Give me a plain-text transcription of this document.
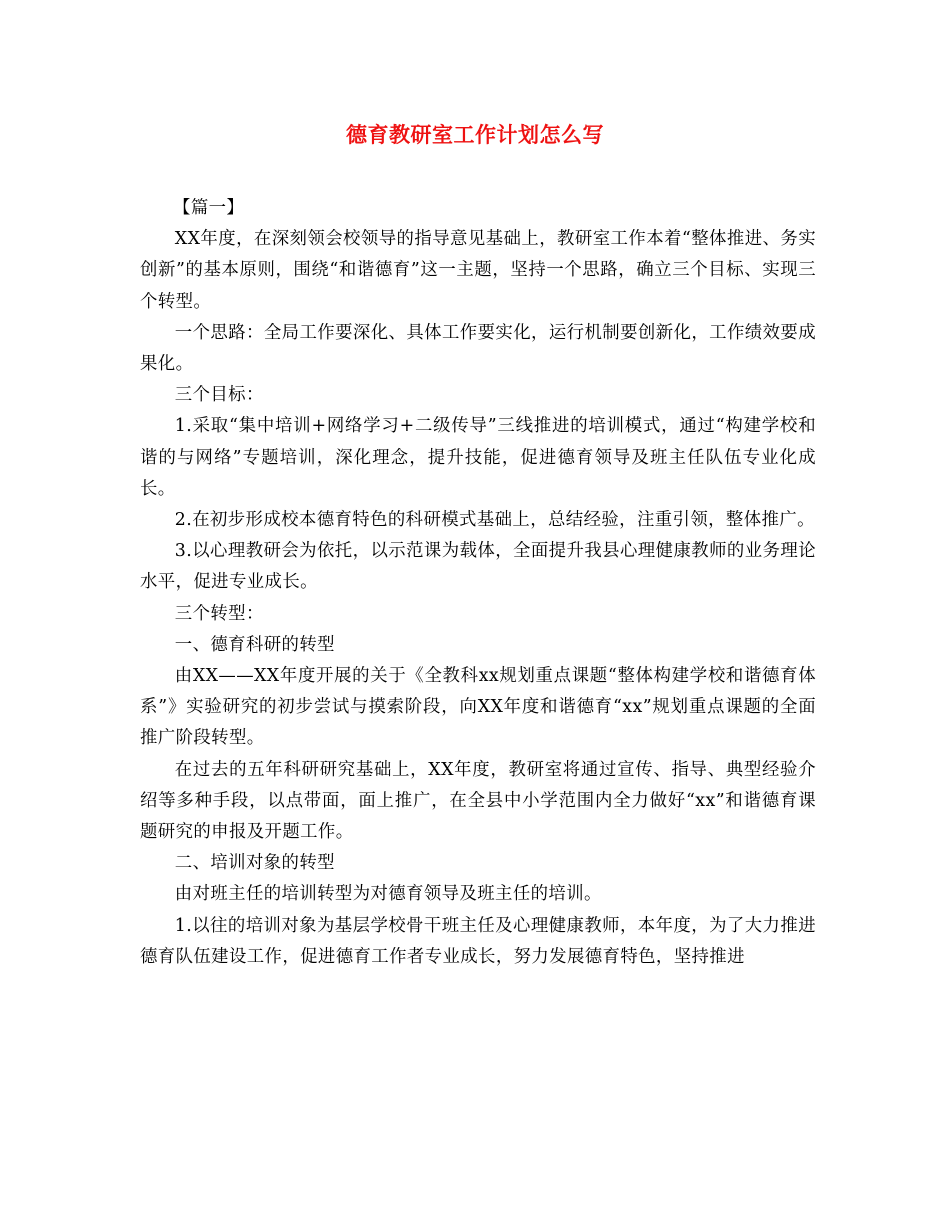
德育教研室工作计划怎么写

【篇一】

XX年度，在深刻领会校领导的指导意见基础上，教研室工作本着“整体推进、务实创新”的基本原则，围绕“和谐德育”这一主题，坚持一个思路，确立三个目标、实现三个转型。

一个思路：全局工作要深化、具体工作要实化，运行机制要创新化，工作绩效要成果化。

三个目标：

1.采取“集中培训+网络学习+二级传导”三线推进的培训模式，通过“构建学校和谐的与网络”专题培训，深化理念，提升技能，促进德育领导及班主任队伍专业化成长。

2.在初步形成校本德育特色的科研模式基础上，总结经验，注重引领，整体推广。

3.以心理教研会为依托，以示范课为载体，全面提升我县心理健康教师的业务理论水平，促进专业成长。

三个转型：

一、德育科研的转型

由XX——XX年度开展的关于《全教科xx规划重点课题“整体构建学校和谐德育体系”》实验研究的初步尝试与摸索阶段，向XX年度和谐德育“xx”规划重点课题的全面推广阶段转型。

在过去的五年科研研究基础上，XX年度，教研室将通过宣传、指导、典型经验介绍等多种手段，以点带面，面上推广，在全县中小学范围内全力做好“xx”和谐德育课题研究的申报及开题工作。

二、培训对象的转型

由对班主任的培训转型为对德育领导及班主任的培训。

1.以往的培训对象为基层学校骨干班主任及心理健康教师，本年度，为了大力推进德育队伍建设工作，促进德育工作者专业成长，努力发展德育特色，坚持推进
